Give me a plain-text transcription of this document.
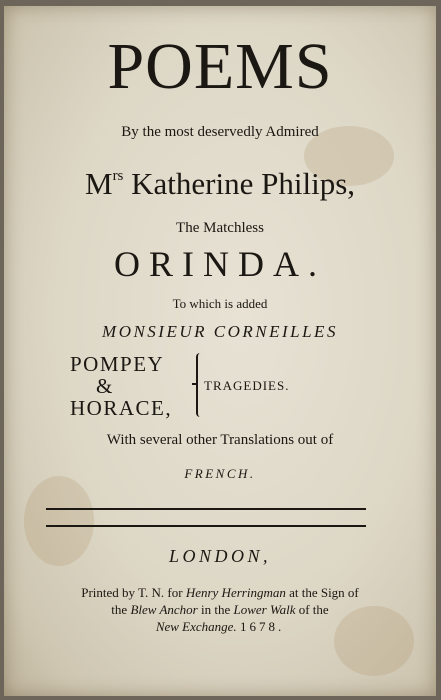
POEMS
By the most deservedly Admired
$M^{rs}$ Katherine Philips,
The Matchless
ORINDA.
To which is added
MONSIEUR CORNEILLES
POMPEY
&
HORACE,
TRAGEDIES.
With several other Translations out of
FRENCH.
LONDON,
Printed by T. N. for Henry Herringman at the Sign of
the Blew Anchor in the Lower Walk of the
New Exchange. 1678.
